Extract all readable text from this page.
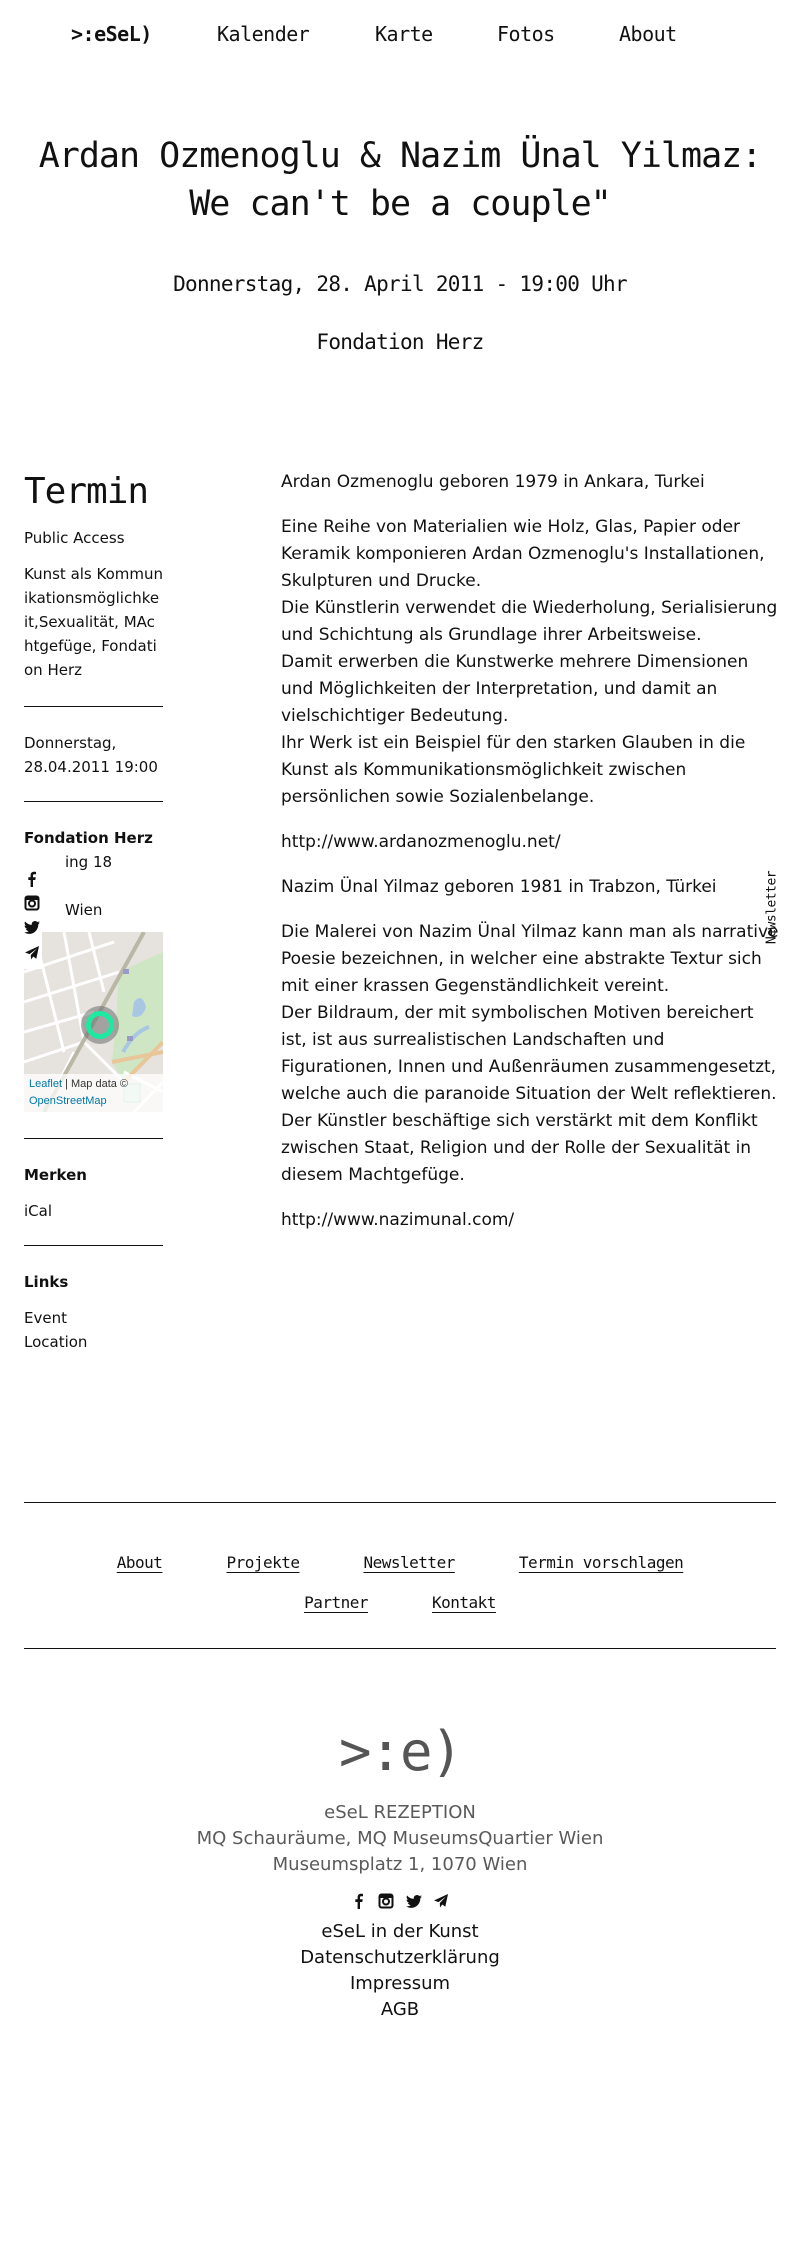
>:eSeL)	Kalender	Karte	Fotos	About
Ardan Ozmenoglu & Nazim Ünal Yilmaz:
We can't be a couple"
Donnerstag, 28. April 2011 - 19:00 Uhr
Fondation Herz
Termin
Public Access
Kunst als Kommunikationsmöglichkeit,Sexualität, MAchtgefüge, Fondation Herz
Donnerstag,
28.04.2011 19:00
Fondation Herz
ing 18
Wien
Leaflet | Map data ©
OpenStreetMap
Merken
iCal
Links
Event
Location
Newsletter
Ardan Ozmenoglu geboren 1979 in Ankara, Turkei
Eine Reihe von Materialien wie Holz, Glas, Papier oder Keramik komponieren Ardan Ozmenoglu's Installationen, Skulpturen und Drucke.
Die Künstlerin verwendet die Wiederholung, Serialisierung und Schichtung als Grundlage ihrer Arbeitsweise.
Damit erwerben die Kunstwerke mehrere Dimensionen und Möglichkeiten der Interpretation, und damit an vielschichtiger Bedeutung.
Ihr Werk ist ein Beispiel für den starken Glauben in die Kunst als Kommunikationsmöglichkeit zwischen persönlichen sowie Sozialenbelange.
http://www.ardanozmenoglu.net/
Nazim Ünal Yilmaz geboren 1981 in Trabzon, Türkei
Die Malerei von Nazim Ünal Yilmaz kann man als narrative Poesie bezeichnen, in welcher eine abstrakte Textur sich mit einer krassen Gegenständlichkeit vereint.
Der Bildraum, der mit symbolischen Motiven bereichert ist, ist aus surrealistischen Landschaften und Figurationen, Innen und Außenräumen zusammengesetzt,
welche auch die paranoide Situation der Welt reflektieren.
Der Künstler beschäftige sich verstärkt mit dem Konflikt zwischen Staat, Religion und der Rolle der Sexualität in diesem Machtgefüge.
http://www.nazimunal.com/
About	Projekte	Newsletter	Termin vorschlagen
Partner	Kontakt
>:e)
eSeL REZEPTION
MQ Schauräume, MQ MuseumsQuartier Wien
Museumsplatz 1, 1070 Wien

eSeL in der Kunst
Datenschutzerklärung
Impressum
AGB
